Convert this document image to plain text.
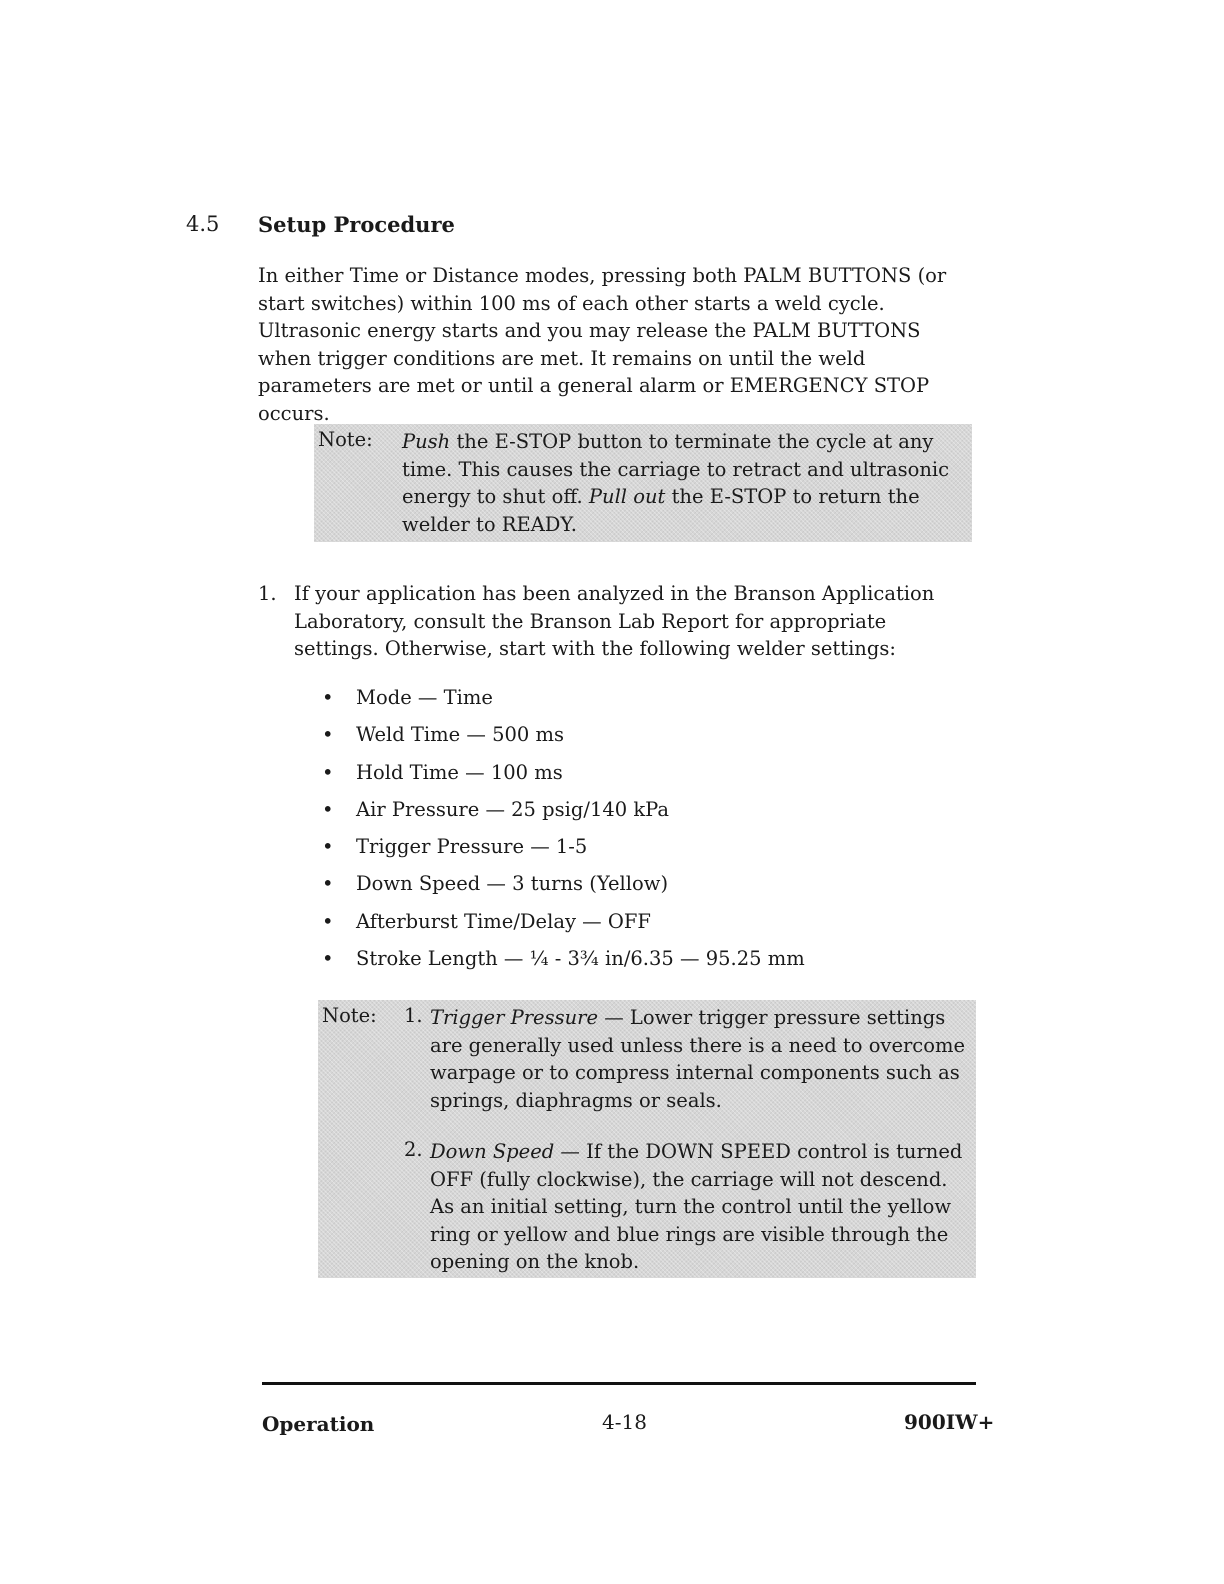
4.5 Setup Procedure

In either Time or Distance modes, pressing both PALM BUTTONS (or start switches) within 100 ms of each other starts a weld cycle. Ultrasonic energy starts and you may release the PALM BUTTONS when trigger conditions are met. It remains on until the weld parameters are met or until a general alarm or EMERGENCY STOP occurs.

Note: Push the E-STOP button to terminate the cycle at any time. This causes the carriage to retract and ultrasonic energy to shut off. Pull out the E-STOP to return the welder to READY.

1. If your application has been analyzed in the Branson Application Laboratory, consult the Branson Lab Report for appropriate settings. Otherwise, start with the following welder settings:

• Mode — Time
• Weld Time — 500 ms
• Hold Time — 100 ms
• Air Pressure — 25 psig/140 kPa
• Trigger Pressure — 1-5
• Down Speed — 3 turns (Yellow)
• Afterburst Time/Delay — OFF
• Stroke Length — ¼ - 3¾ in/6.35 — 95.25 mm
Note: 1. Trigger Pressure — Lower trigger pressure settings are generally used unless there is a need to overcome warpage or to compress internal components such as springs, diaphragms or seals.

2. Down Speed — If the DOWN SPEED control is turned OFF (fully clockwise), the carriage will not descend. As an initial setting, turn the control until the yellow ring or yellow and blue rings are visible through the opening on the knob.

Operation	4-18	900IW+
